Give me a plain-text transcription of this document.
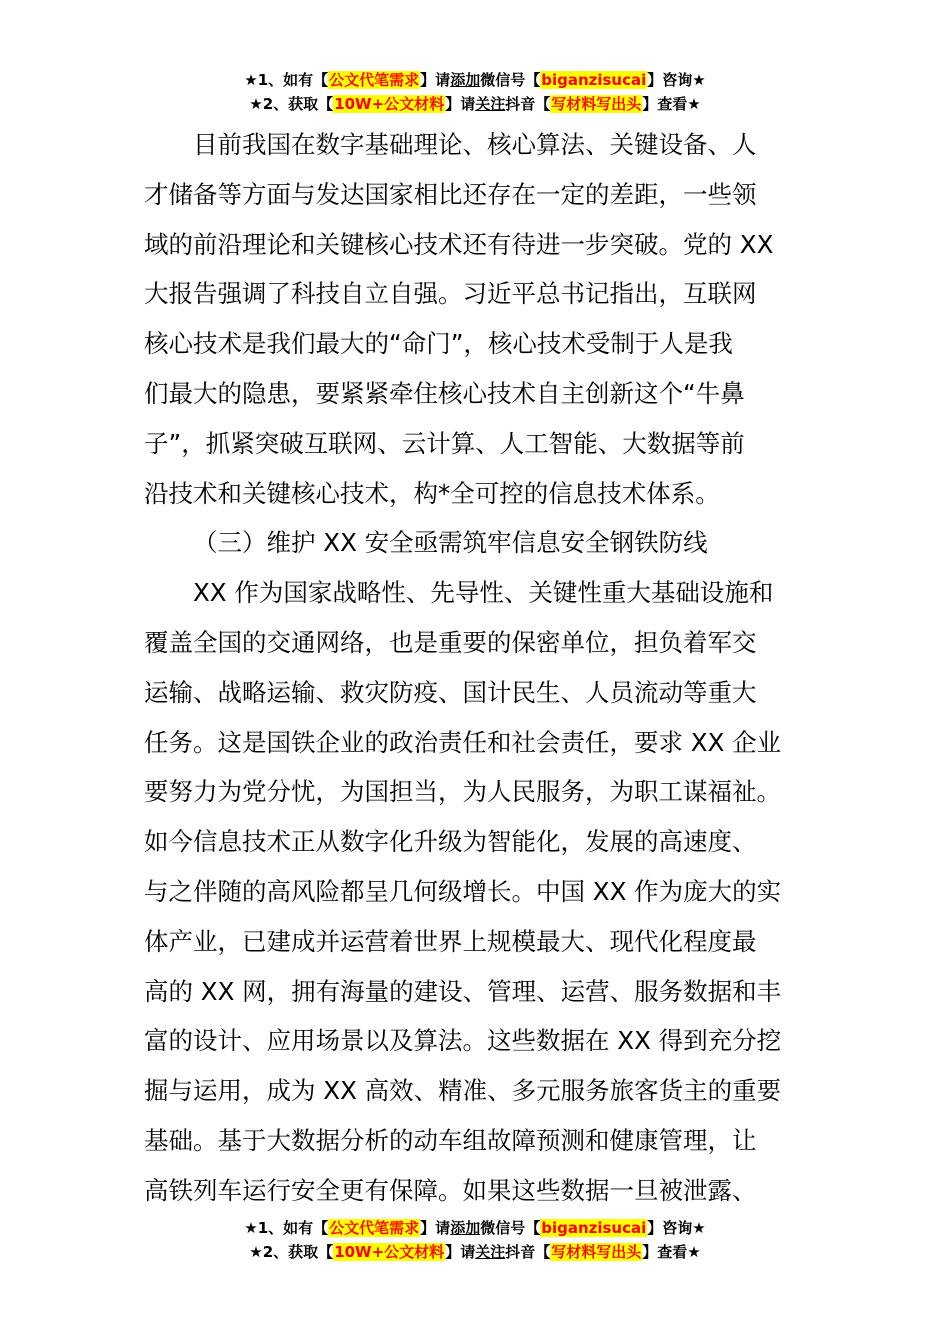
★1、如有【公文代笔需求】请添加微信号【biganzisucai】咨询★
★2、获取【10W+公文材料】请关注抖音【写材料写出头】查看★
目前我国在数字基础理论、核心算法、关键设备、人
才储备等方面与发达国家相比还存在一定的差距，一些领
域的前沿理论和关键核心技术还有待进一步突破。党的 XX
大报告强调了科技自立自强。习近平总书记指出，互联网
核心技术是我们最大的“命门”，核心技术受制于人是我
们最大的隐患，要紧紧牵住核心技术自主创新这个“牛鼻
子”，抓紧突破互联网、云计算、人工智能、大数据等前
沿技术和关键核心技术，构*全可控的信息技术体系。
（三）维护 XX 安全亟需筑牢信息安全钢铁防线
XX 作为国家战略性、先导性、关键性重大基础设施和
覆盖全国的交通网络，也是重要的保密单位，担负着军交
运输、战略运输、救灾防疫、国计民生、人员流动等重大
任务。这是国铁企业的政治责任和社会责任，要求 XX 企业
要努力为党分忧，为国担当，为人民服务，为职工谋福祉。
如今信息技术正从数字化升级为智能化，发展的高速度、
与之伴随的高风险都呈几何级增长。中国 XX 作为庞大的实
体产业，已建成并运营着世界上规模最大、现代化程度最
高的 XX 网，拥有海量的建设、管理、运营、服务数据和丰
富的设计、应用场景以及算法。这些数据在 XX 得到充分挖
掘与运用，成为 XX 高效、精准、多元服务旅客货主的重要
基础。基于大数据分析的动车组故障预测和健康管理，让
高铁列车运行安全更有保障。如果这些数据一旦被泄露、
★1、如有【公文代笔需求】请添加微信号【biganzisucai】咨询★
★2、获取【10W+公文材料】请关注抖音【写材料写出头】查看★
